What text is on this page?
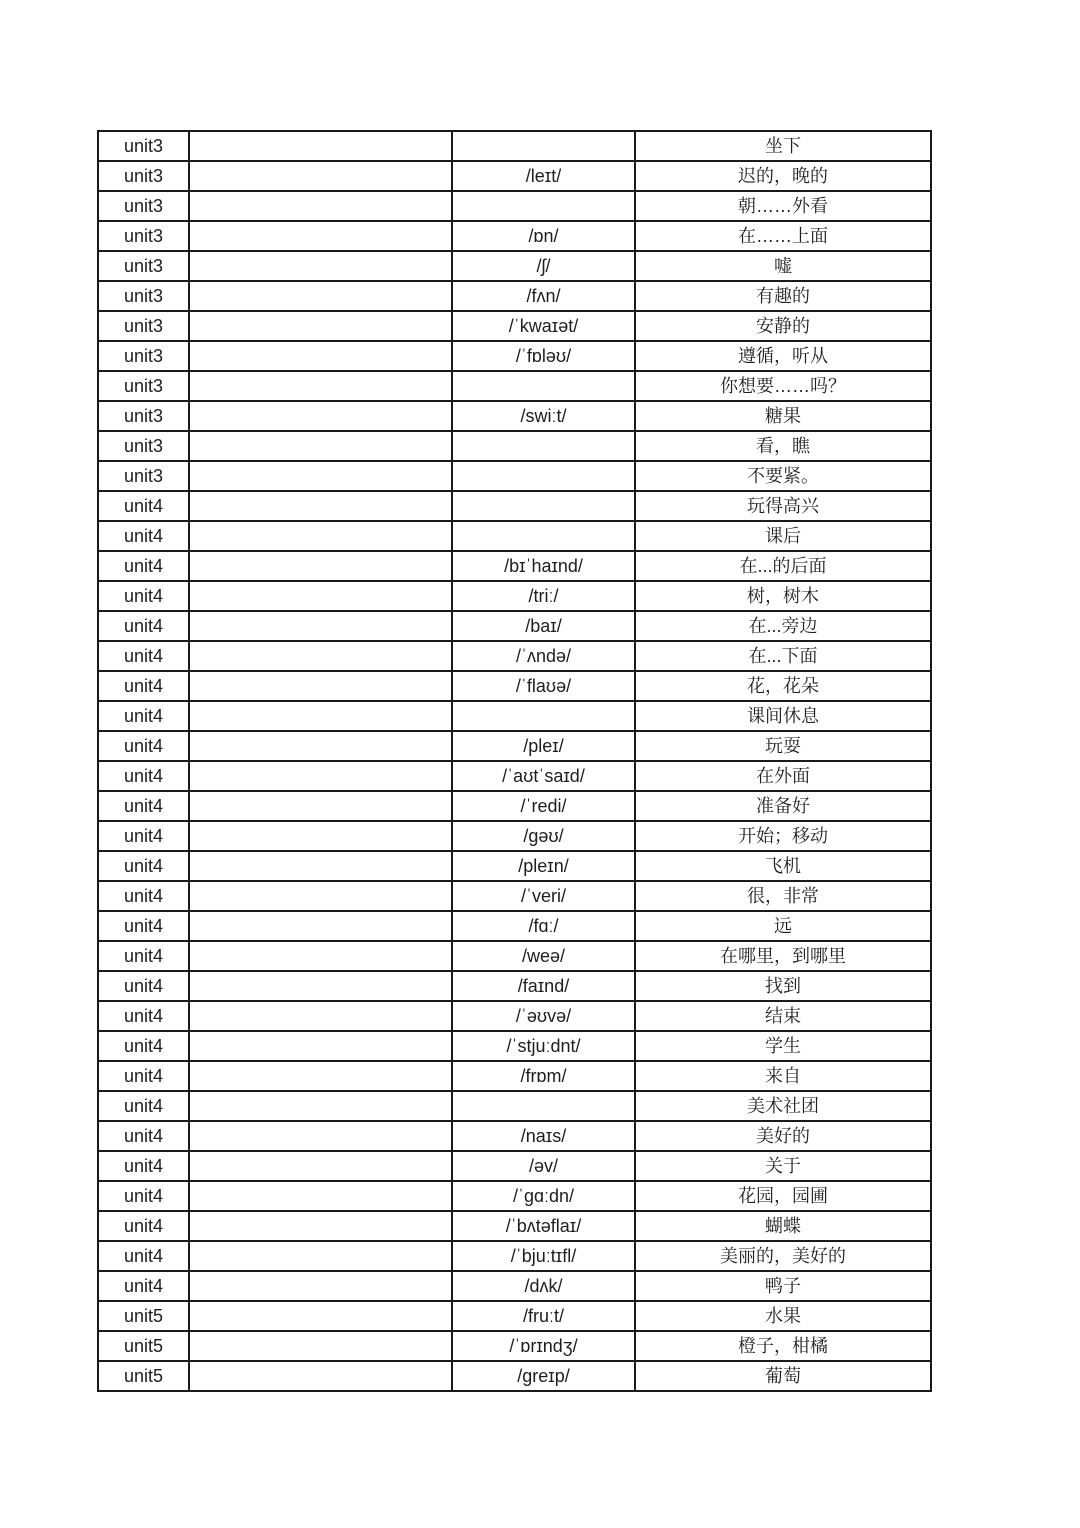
unit3			坐下
unit3		/leɪt/	迟的，晚的
unit3			朝……外看
unit3		/ɒn/	在……上面
unit3		/ʃ/	嘘
unit3		/fʌn/	有趣的
unit3		/ˈkwaɪət/	安静的
unit3		/ˈfɒləʊ/	遵循，听从
unit3			你想要……吗？
unit3		/swiːt/	糖果
unit3			看，瞧
unit3			不要紧。
unit4			玩得高兴
unit4			课后
unit4		/bɪˈhaɪnd/	在...的后面
unit4		/triː/	树，树木
unit4		/baɪ/	在...旁边
unit4		/ˈʌndə/	在...下面
unit4		/ˈflaʊə/	花，花朵
unit4			课间休息
unit4		/pleɪ/	玩耍
unit4		/ˈaʊtˈsaɪd/	在外面
unit4		/ˈredi/	准备好
unit4		/ɡəʊ/	开始；移动
unit4		/pleɪn/	飞机
unit4		/ˈveri/	很，非常
unit4		/fɑː/	远
unit4		/weə/	在哪里，到哪里
unit4		/faɪnd/	找到
unit4		/ˈəʊvə/	结束
unit4		/ˈstjuːdnt/	学生
unit4		/frɒm/	来自
unit4			美术社团
unit4		/naɪs/	美好的
unit4		/əv/	关于
unit4		/ˈɡɑːdn/	花园，园圃
unit4		/ˈbʌtəflaɪ/	蝴蝶
unit4		/ˈbjuːtɪfl/	美丽的，美好的
unit4		/dʌk/	鸭子
unit5		/fruːt/	水果
unit5		/ˈɒrɪndʒ/	橙子，柑橘
unit5		/ɡreɪp/	葡萄
